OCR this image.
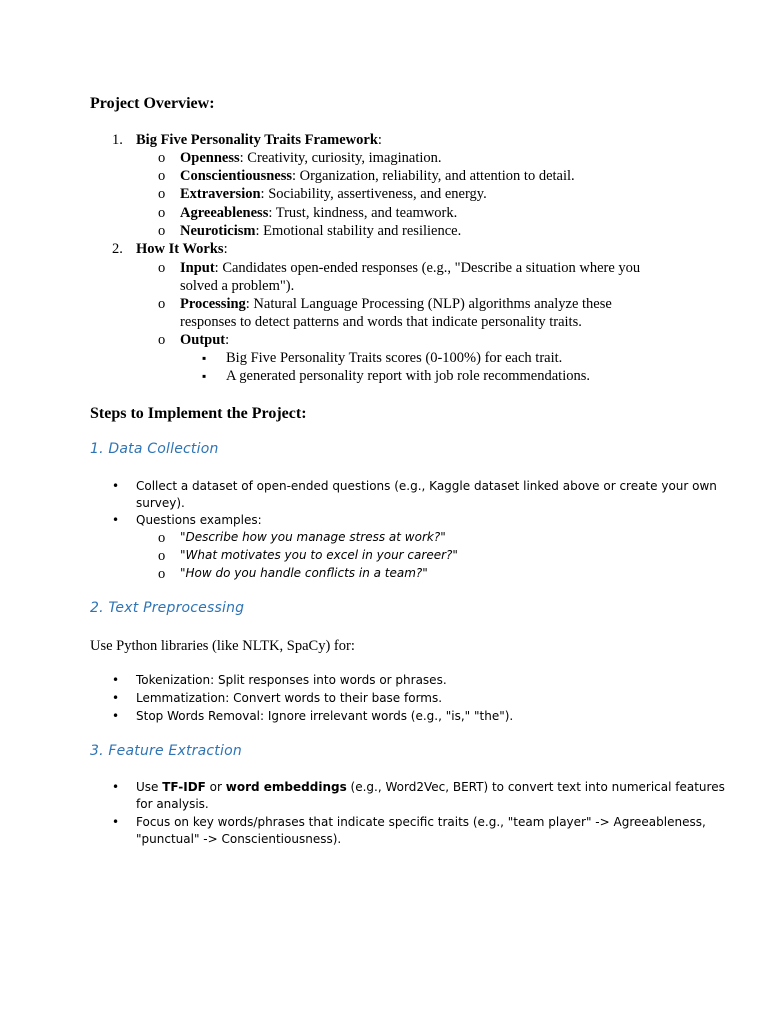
Project Overview:
1. Big Five Personality Traits Framework:
o Openness: Creativity, curiosity, imagination.
o Conscientiousness: Organization, reliability, and attention to detail.
o Extraversion: Sociability, assertiveness, and energy.
o Agreeableness: Trust, kindness, and teamwork.
o Neuroticism: Emotional stability and resilience.
2. How It Works:
o Input: Candidates open-ended responses (e.g., "Describe a situation where you
solved a problem").
o Processing: Natural Language Processing (NLP) algorithms analyze these
responses to detect patterns and words that indicate personality traits.
o Output:
▪ Big Five Personality Traits scores (0-100%) for each trait.
▪ A generated personality report with job role recommendations.
Steps to Implement the Project:
1. Data Collection
• Collect a dataset of open-ended questions (e.g., Kaggle dataset linked above or create your own
survey).
• Questions examples:
o "Describe how you manage stress at work?"
o "What motivates you to excel in your career?"
o "How do you handle conflicts in a team?"
2. Text Preprocessing
Use Python libraries (like NLTK, SpaCy) for:
• Tokenization: Split responses into words or phrases.
• Lemmatization: Convert words to their base forms.
• Stop Words Removal: Ignore irrelevant words (e.g., "is," "the").
3. Feature Extraction
• Use TF-IDF or word embeddings (e.g., Word2Vec, BERT) to convert text into numerical features
for analysis.
• Focus on key words/phrases that indicate specific traits (e.g., "team player" -> Agreeableness,
"punctual" -> Conscientiousness).
